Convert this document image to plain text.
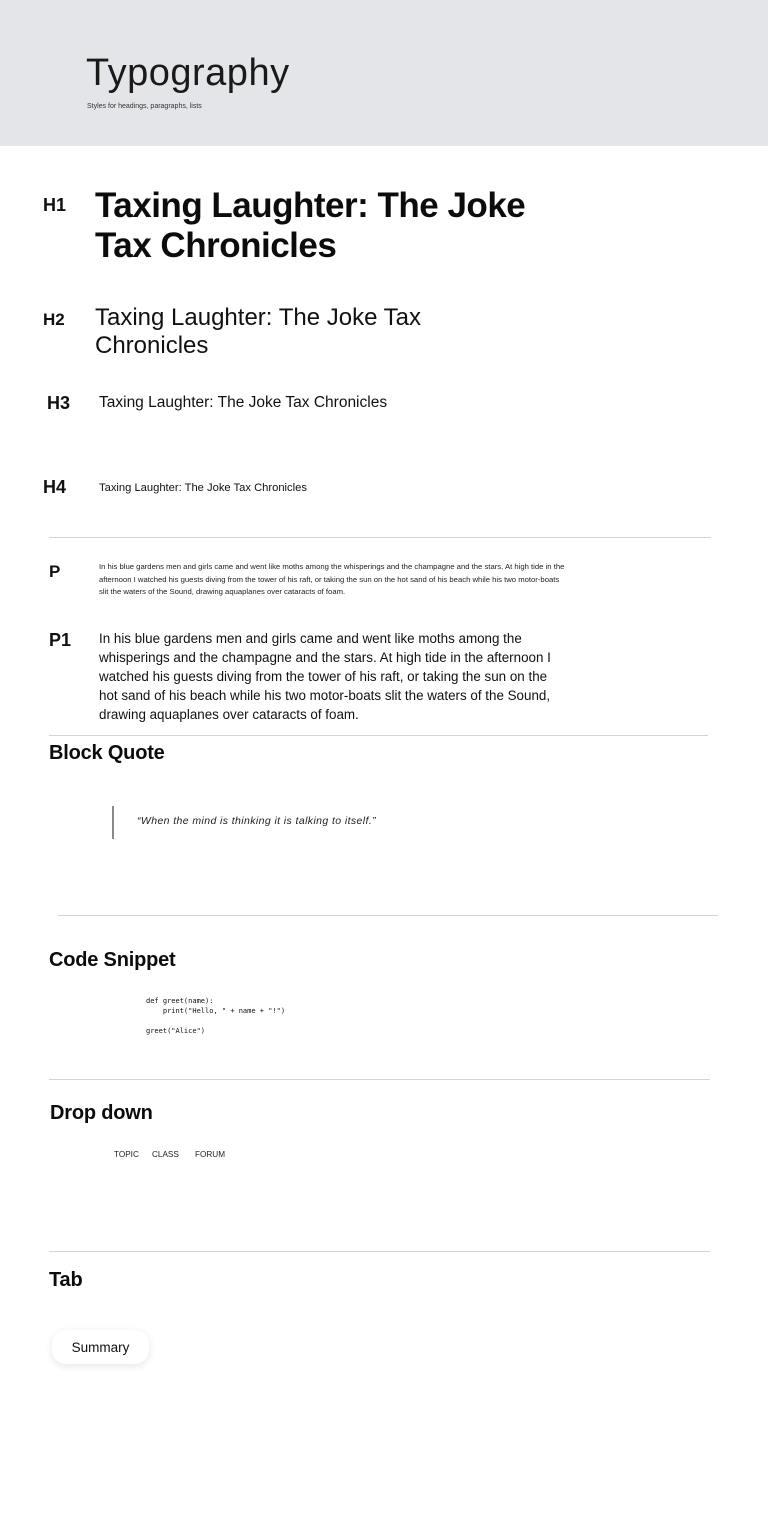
Typography
Styles for headings, paragraphs, lists
H1 Taxing Laughter: The Joke Tax Chronicles
H2 Taxing Laughter: The Joke Tax Chronicles
H3 Taxing Laughter: The Joke Tax Chronicles
H4	Taxing Laughter: The Joke Tax Chronicles
P	In his blue gardens men and girls came and went like moths among the whisperings and the champagne and the stars. At high tide in the afternoon I watched his guests diving from the tower of his raft, or taking the sun on the hot sand of his beach while his two motor-boats slit the waters of the Sound, drawing aquaplanes over cataracts of foam.
P1 In his blue gardens men and girls came and went like moths among the whisperings and the champagne and the stars. At high tide in the afternoon I watched his guests diving from the tower of his raft, or taking the sun on the hot sand of his beach while his two motor-boats slit the waters of the Sound, drawing aquaplanes over cataracts of foam.
Block Quote
“When the mind is thinking it is talking to itself.”
Code Snippet
def greet(name):
print("Hello, " + name + "!")

greet("Alice")
Drop down
TOPIC CLASS FORUM
Tab
Summary
